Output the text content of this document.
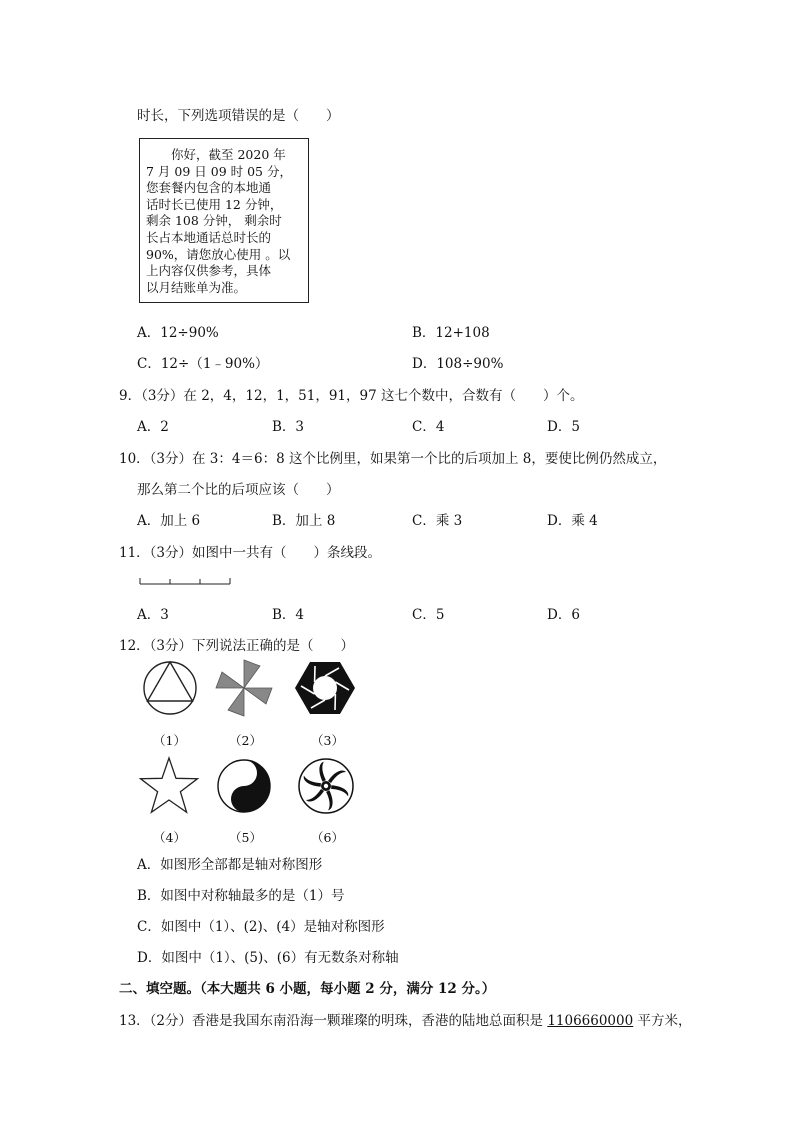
时长，下列选项错误的是（　　）
　　你好，截至 2020 年
7 月 09 日 09 时 05 分，
您套餐内包含的本地通
话时长已使用 12 分钟，
剩余 108 分钟， 剩余时
长占本地通话总时长的
90%，请您放心使用 。以
上内容仅供参考，具体
以月结账单为准。
A．12÷90%	B．12+108
C．12÷（1﹣90%）	D．108÷90%
9．（3分）在 2，4，12，1，51，91，97 这七个数中，合数有（　　）个。
A．2	B．3	C．4	D．5
10．（3分）在 3：4＝6：8 这个比例里，如果第一个比的后项加上 8，要使比例仍然成立，
那么第二个比的后项应该（　　）
A．加上 6	B．加上 8	C．乘 3	D．乘 4
11．（3分）如图中一共有（　　）条线段。
A．3	B．4	C．5	D．6
12．（3分）下列说法正确的是（　　）
（1）	（2）	（3）
（4）	（5）	（6）
A．如图形全部都是轴对称图形
B．如图中对称轴最多的是（1）号
C．如图中（1）、(2)、(4）是轴对称图形
D．如图中（1）、(5)、(6）有无数条对称轴
二、填空题。（本大题共 6 小题，每小题 2 分，满分 12 分。）
13．（2分）香港是我国东南沿海一颗璀璨的明珠，香港的陆地总面积是 1106660000 平方米，
